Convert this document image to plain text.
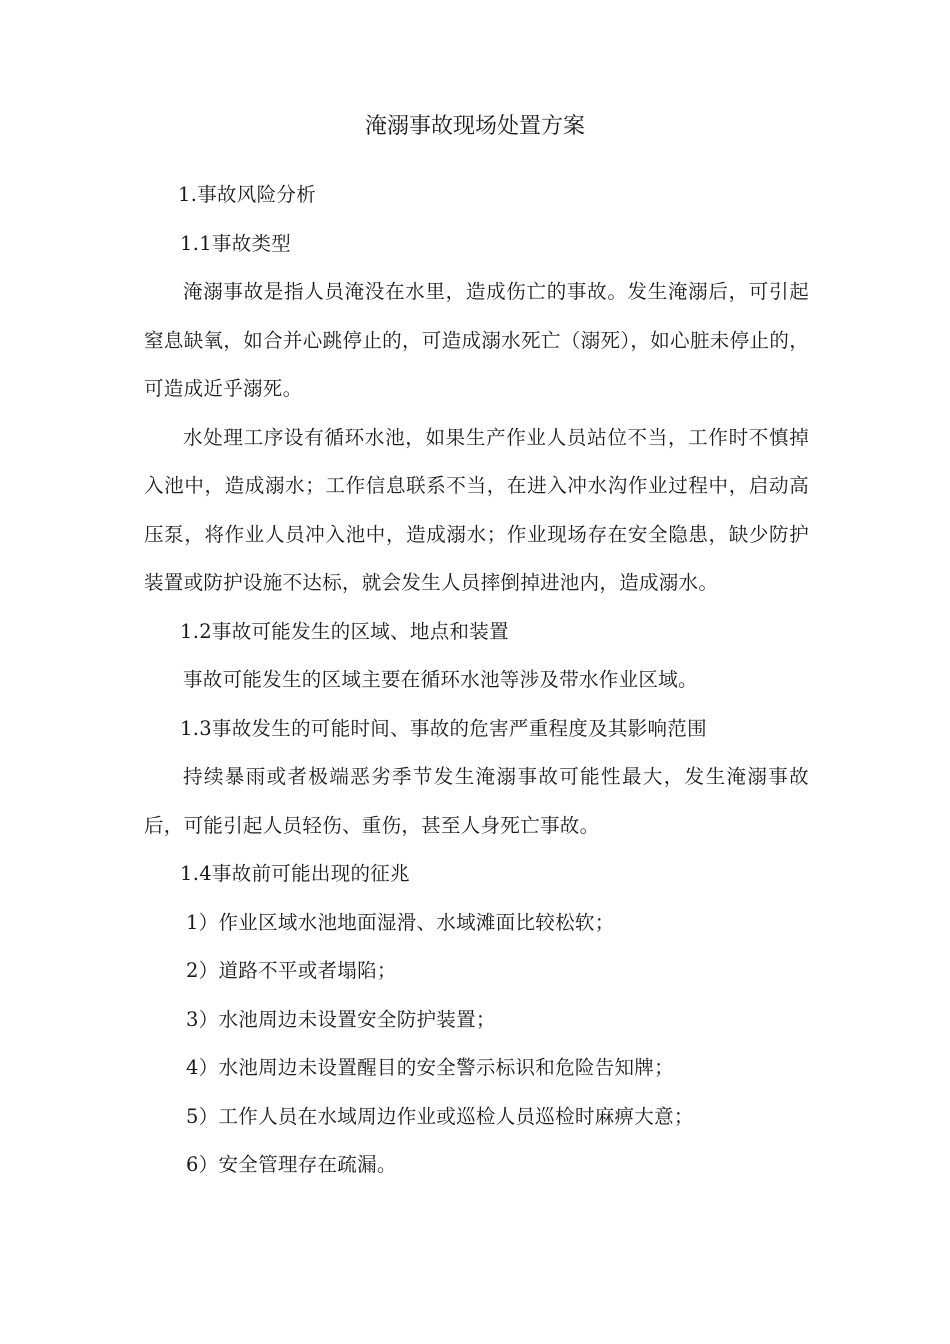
淹溺事故现场处置方案

1.事故风险分析

1.1事故类型

淹溺事故是指人员淹没在水里，造成伤亡的事故。发生淹溺后，可引起窒息缺氧，如合并心跳停止的，可造成溺水死亡（溺死），如心脏未停止的，可造成近乎溺死。

水处理工序设有循环水池，如果生产作业人员站位不当，工作时不慎掉入池中，造成溺水；工作信息联系不当，在进入冲水沟作业过程中，启动高压泵，将作业人员冲入池中，造成溺水；作业现场存在安全隐患，缺少防护装置或防护设施不达标，就会发生人员摔倒掉进池内，造成溺水。

1.2事故可能发生的区域、地点和装置

事故可能发生的区域主要在循环水池等涉及带水作业区域。

1.3事故发生的可能时间、事故的危害严重程度及其影响范围

持续暴雨或者极端恶劣季节发生淹溺事故可能性最大，发生淹溺事故后，可能引起人员轻伤、重伤，甚至人身死亡事故。

1.4事故前可能出现的征兆

1）作业区域水池地面湿滑、水域滩面比较松软；

2）道路不平或者塌陷；

3）水池周边未设置安全防护装置；

4）水池周边未设置醒目的安全警示标识和危险告知牌；

5）工作人员在水域周边作业或巡检人员巡检时麻痹大意；

6）安全管理存在疏漏。
